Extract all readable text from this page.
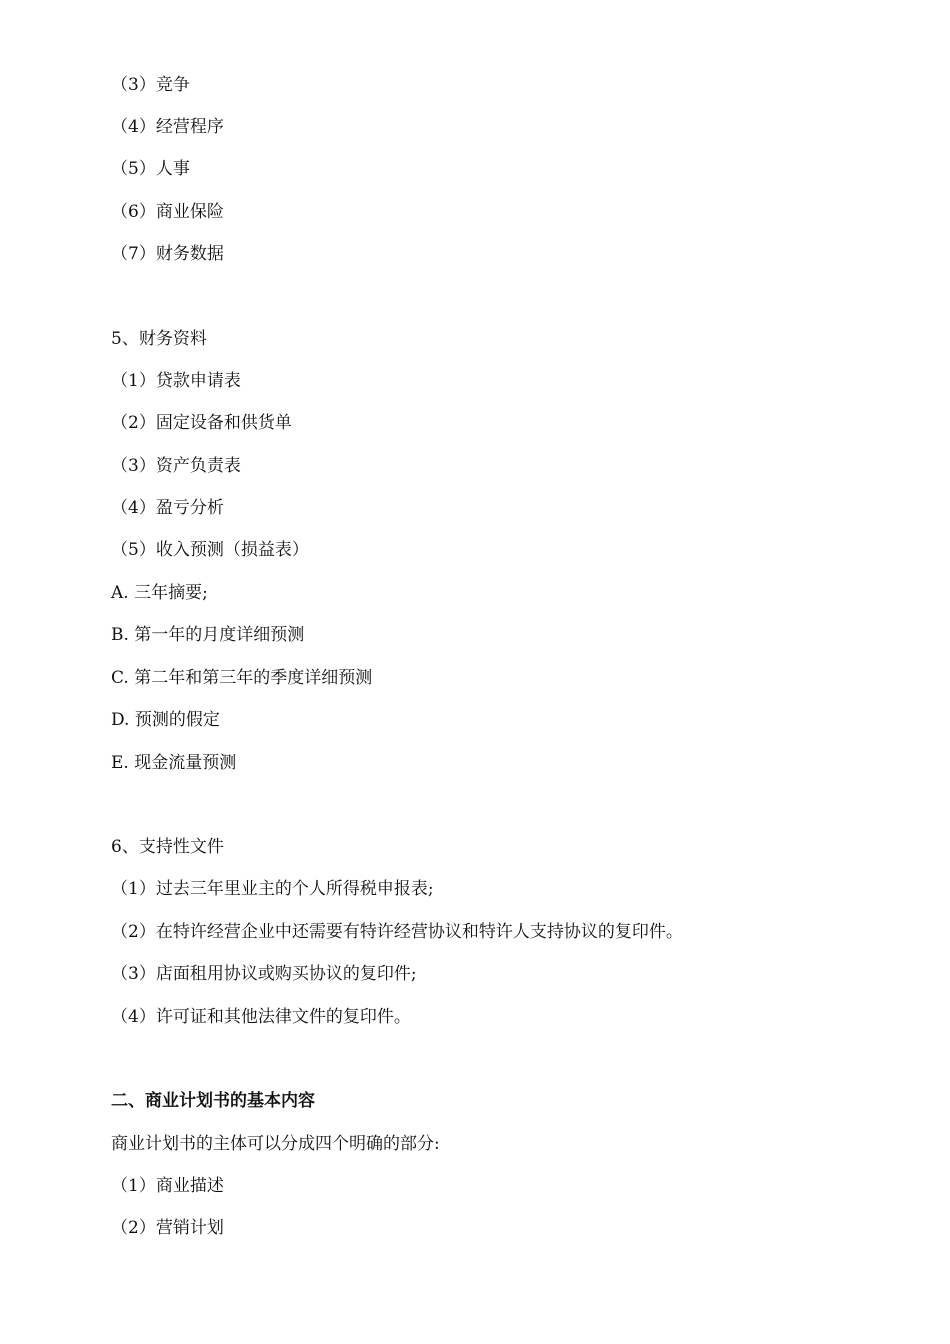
（3）竞争
（4）经营程序
（5）人事
（6）商业保险
（7）财务数据
5、财务资料
（1）贷款申请表
（2）固定设备和供货单
（3）资产负责表
（4）盈亏分析
（5）收入预测（损益表）
A. 三年摘要;
B. 第一年的月度详细预测
C. 第二年和第三年的季度详细预测
D. 预测的假定
E. 现金流量预测
6、支持性文件
（1）过去三年里业主的个人所得税申报表;
（2）在特许经营企业中还需要有特许经营协议和特许人支持协议的复印件。
（3）店面租用协议或购买协议的复印件;
（4）许可证和其他法律文件的复印件。
二、商业计划书的基本内容
商业计划书的主体可以分成四个明确的部分:
（1）商业描述
（2）营销计划
